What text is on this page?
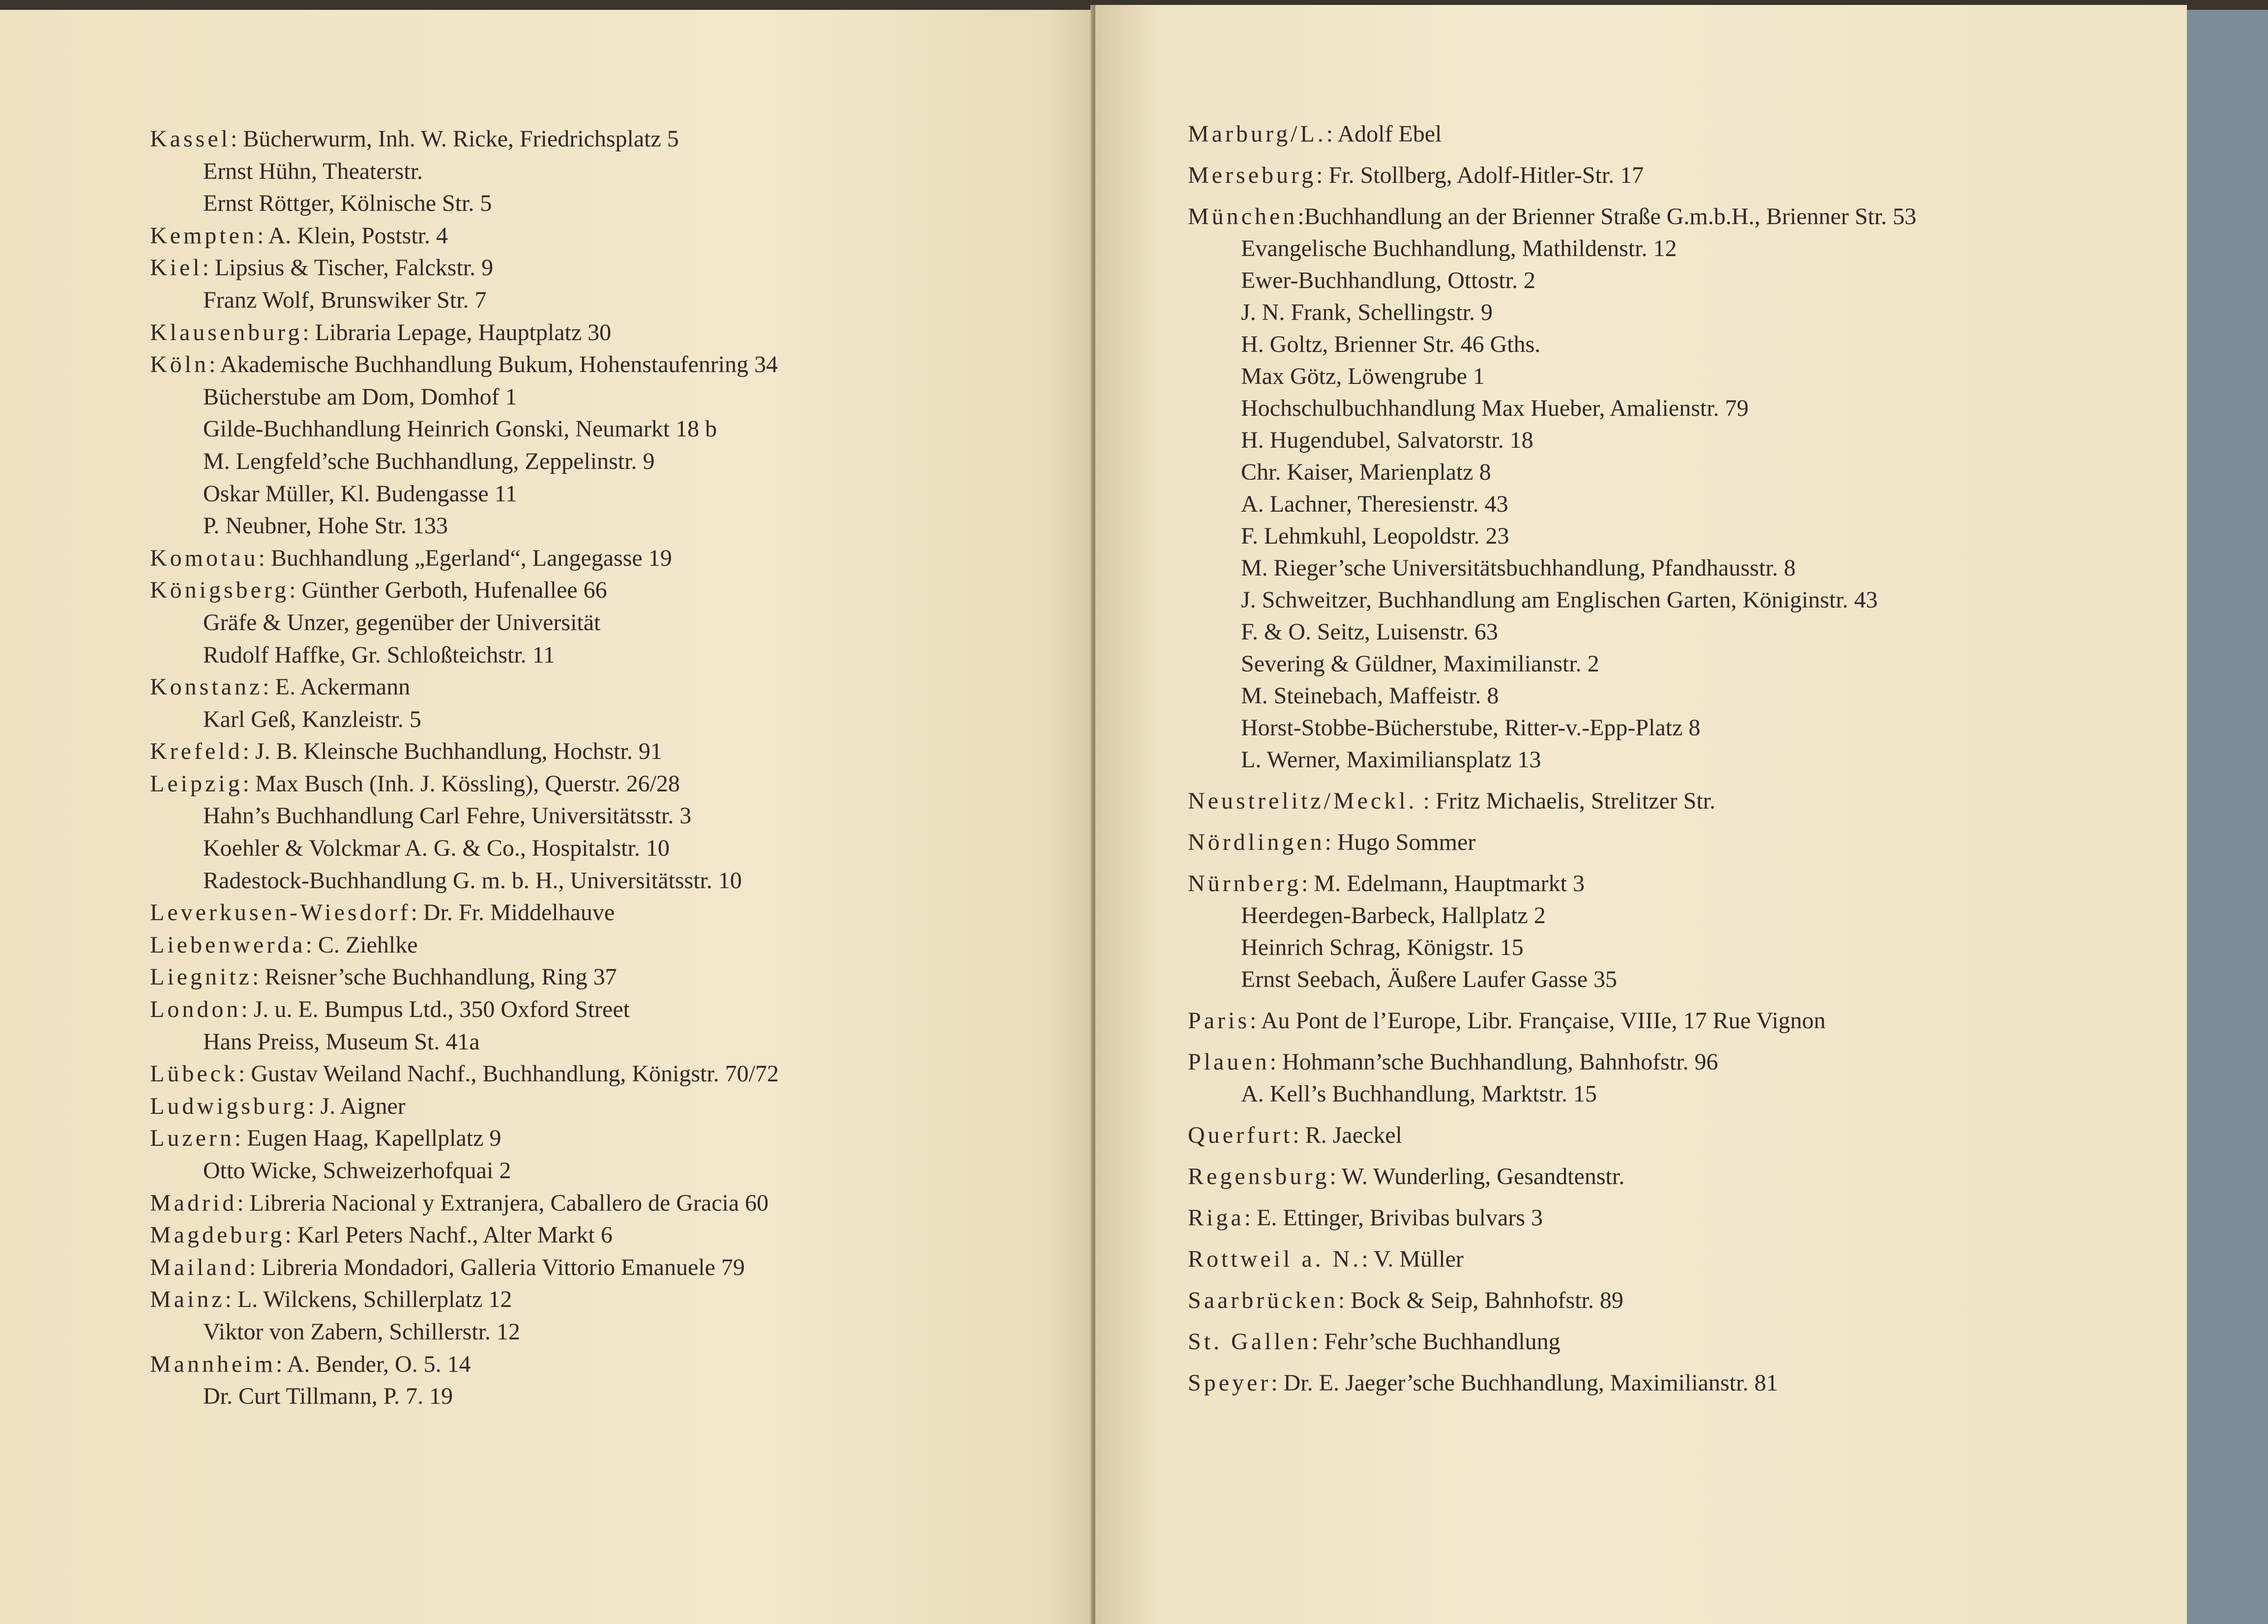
Kassel: Bücherwurm, Inh. W. Ricke, Friedrichsplatz 5
Ernst Hühn, Theaterstr.
Ernst Röttger, Kölnische Str. 5
Kempten: A. Klein, Poststr. 4
Kiel: Lipsius & Tischer, Falckstr. 9
Franz Wolf, Brunswiker Str. 7
Klausenburg: Libraria Lepage, Hauptplatz 30
Köln: Akademische Buchhandlung Bukum, Hohenstaufenring 34
Bücherstube am Dom, Domhof 1
Gilde-Buchhandlung Heinrich Gonski, Neumarkt 18 b
M. Lengfeld’sche Buchhandlung, Zeppelinstr. 9
Oskar Müller, Kl. Budengasse 11
P. Neubner, Hohe Str. 133
Komotau: Buchhandlung „Egerland“, Langegasse 19
Königsberg: Günther Gerboth, Hufenallee 66
Gräfe & Unzer, gegenüber der Universität
Rudolf Haffke, Gr. Schloßteichstr. 11
Konstanz: E. Ackermann
Karl Geß, Kanzleistr. 5
Krefeld: J. B. Kleinsche Buchhandlung, Hochstr. 91
Leipzig: Max Busch (Inh. J. Kössling), Querstr. 26/28
Hahn’s Buchhandlung Carl Fehre, Universitätsstr. 3
Koehler & Volckmar A. G. & Co., Hospitalstr. 10
Radestock-Buchhandlung G. m. b. H., Universitätsstr. 10
Leverkusen-Wiesdorf: Dr. Fr. Middelhauve
Liebenwerda: C. Ziehlke
Liegnitz: Reisner’sche Buchhandlung, Ring 37
London: J. u. E. Bumpus Ltd., 350 Oxford Street
Hans Preiss, Museum St. 41a
Lübeck: Gustav Weiland Nachf., Buchhandlung, Königstr. 70/72
Ludwigsburg: J. Aigner
Luzern: Eugen Haag, Kapellplatz 9
Otto Wicke, Schweizerhofquai 2
Madrid: Libreria Nacional y Extranjera, Caballero de Gracia 60
Magdeburg: Karl Peters Nachf., Alter Markt 6
Mailand: Libreria Mondadori, Galleria Vittorio Emanuele 79
Mainz: L. Wilckens, Schillerplatz 12
Viktor von Zabern, Schillerstr. 12
Mannheim: A. Bender, O. 5. 14
Dr. Curt Tillmann, P. 7. 19
Marburg/L.: Adolf Ebel
Merseburg: Fr. Stollberg, Adolf-Hitler-Str. 17
München:Buchhandlung an der Brienner Straße G.m.b.H., Brienner Str. 53
Evangelische Buchhandlung, Mathildenstr. 12
Ewer-Buchhandlung, Ottostr. 2
J. N. Frank, Schellingstr. 9
H. Goltz, Brienner Str. 46 Gths.
Max Götz, Löwengrube 1
Hochschulbuchhandlung Max Hueber, Amalienstr. 79
H. Hugendubel, Salvatorstr. 18
Chr. Kaiser, Marienplatz 8
A. Lachner, Theresienstr. 43
F. Lehmkuhl, Leopoldstr. 23
M. Rieger’sche Universitätsbuchhandlung, Pfandhausstr. 8
J. Schweitzer, Buchhandlung am Englischen Garten, Königinstr. 43
F. & O. Seitz, Luisenstr. 63
Severing & Güldner, Maximilianstr. 2
M. Steinebach, Maffeistr. 8
Horst-Stobbe-Bücherstube, Ritter-v.-Epp-Platz 8
L. Werner, Maximiliansplatz 13
Neustrelitz/Meckl. : Fritz Michaelis, Strelitzer Str.
Nördlingen: Hugo Sommer
Nürnberg: M. Edelmann, Hauptmarkt 3
Heerdegen-Barbeck, Hallplatz 2
Heinrich Schrag, Königstr. 15
Ernst Seebach, Äußere Laufer Gasse 35
Paris: Au Pont de l’Europe, Libr. Française, VIIIe, 17 Rue Vignon
Plauen: Hohmann’sche Buchhandlung, Bahnhofstr. 96
A. Kell’s Buchhandlung, Marktstr. 15
Querfurt: R. Jaeckel
Regensburg: W. Wunderling, Gesandtenstr.
Riga: E. Ettinger, Brivibas bulvars 3
Rottweil a. N.: V. Müller
Saarbrücken: Bock & Seip, Bahnhofstr. 89
St. Gallen: Fehr’sche Buchhandlung
Speyer: Dr. E. Jaeger’sche Buchhandlung, Maximilianstr. 81
